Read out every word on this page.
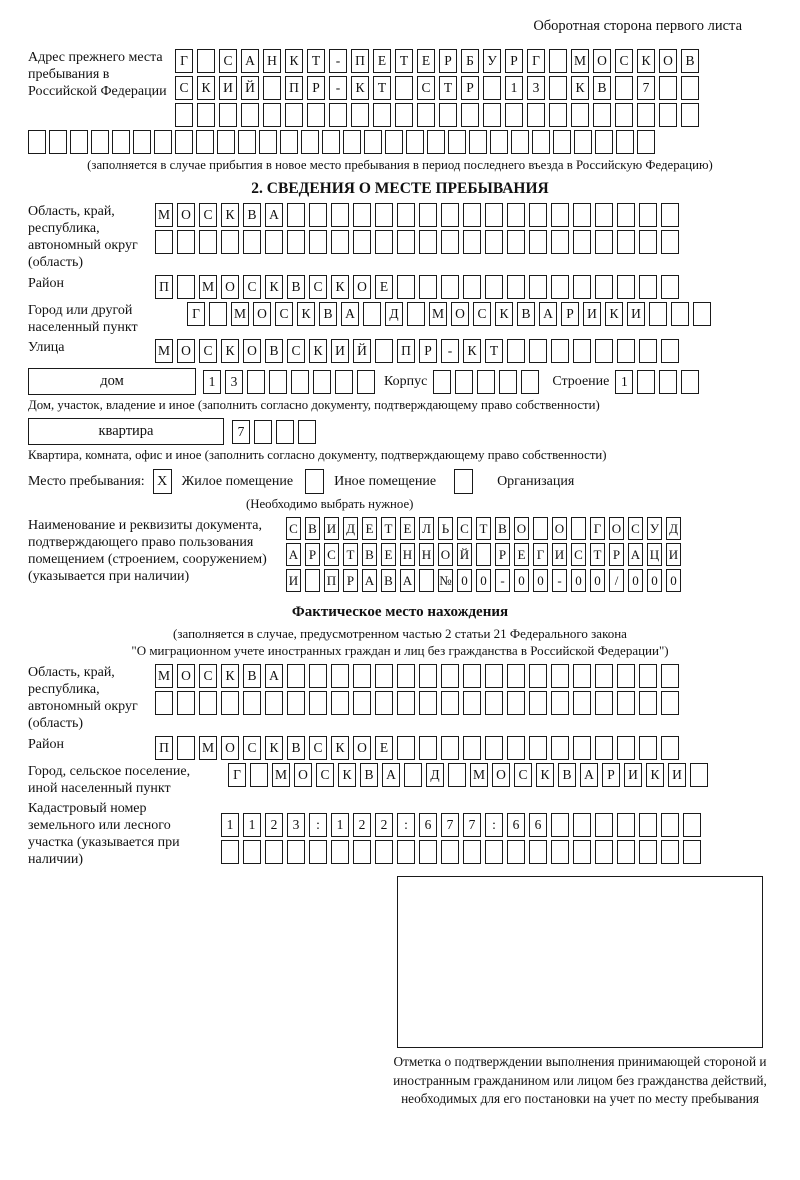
Оборотная сторона первого листа
Адрес прежнего места пребывания в Российской Федерации
Г	С А Н К Т	-	П Е	Т	Е	Р	Б У Р	Г	М О С К О В
С К И Й	П Р	-	К Т	С Т	Р	1	3	К В	7
(заполняется в случае прибытия в новое место пребывания в период последнего въезда в Российскую Федерацию)
2. СВЕДЕНИЯ О МЕСТЕ ПРЕБЫВАНИЯ
Область, край, республика, автономный округ (область)
М О С К В А
Район	П	М О С К В С К О Е
Город или другой населенный пункт
Г	М О С К В А	Д	М О С К В А Р И К И
Улица	М О С К О В С К И Й	П Р	-	К Т
дом	1	3	Корпус	Строение 1
Дом, участок, владение и иное (заполнить согласно документу, подтверждающему право собственности)
квартира	7
Квартира, комната, офис и иное (заполнить согласно документу, подтверждающему право собственности)
Место пребывания: X	Жилое помещение	Иное помещение	Организация
(Необходимо выбрать нужное)
Наименование и реквизиты документа, подтверждающего право пользования помещением (строением, сооружением) (указывается при наличии)
С В И Д Е Т Е Л Ь С Т В О О Г О С У Д
А Р С Т В Е Н Н О Й Р Е Г И С Т Р А Ц И
И П Р А В А № 0 0	-	0 0	-	0 0	/	0 0 0
Фактическое место нахождения
(заполняется в случае, предусмотренном частью 2 статьи 21 Федерального закона
"О миграционном учете иностранных граждан и лиц без гражданства в Российской Федерации")
Область, край, республика, автономный округ (область)
М О С К В А
Район	П	М О С К В С К О Е
Город, сельское поселение, иной населенный пункт
Г	М О С К В А	Д	М О С К В А Р И К И
Кадастровый номер земельного или лесного участка (указывается при наличии)
1	1	2	3	:	1	2	2	:	6	7	7	:	6	6
Отметка о подтверждении выполнения принимающей стороной и иностранным гражданином или лицом без гражданства действий, необходимых для его постановки на учет по месту пребывания
